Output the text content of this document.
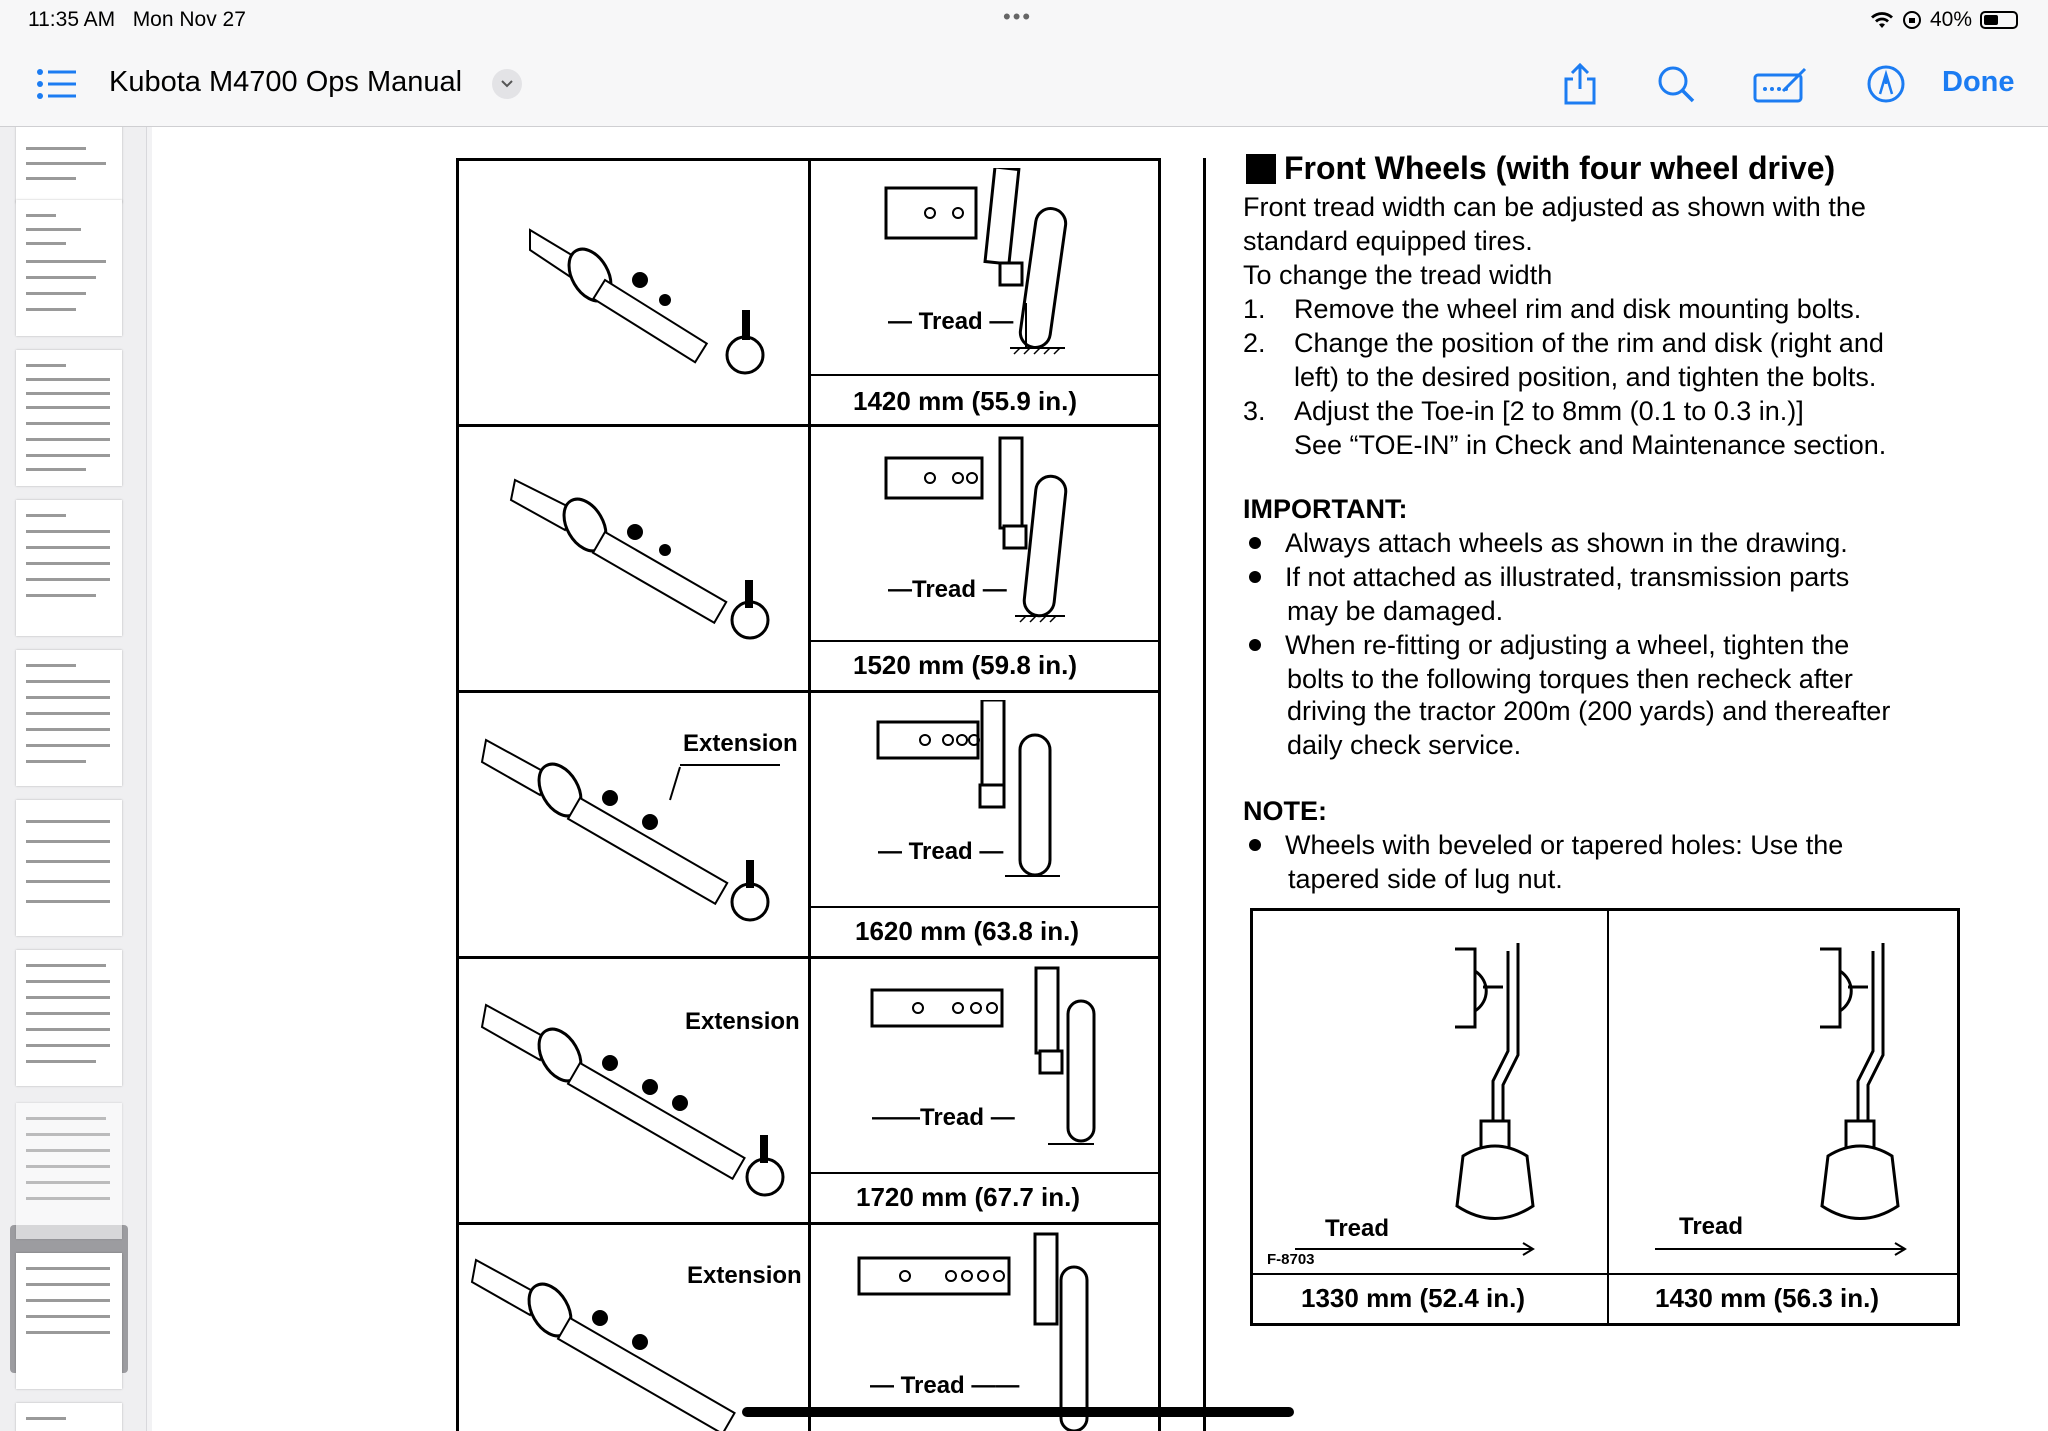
11:35 AM Mon Nov 27	•••	40%
Kubota M4700 Ops Manual	Done
— Tread —
1420 mm (55.9 in.)
—Tread —
1520 mm (59.8 in.)
Extension
— Tread —
1620 mm (63.8 in.)
Extension
——Tread —
1720 mm (67.7 in.)
Extension
— Tread ——
Front Wheels (with four wheel drive)
Front tread width can be adjusted as shown with the
standard equipped tires.
To change the tread width
1. Remove the wheel rim and disk mounting bolts.
2. Change the position of the rim and disk (right and
left) to the desired position, and tighten the bolts.
3. Adjust the Toe-in [2 to 8mm (0.1 to 0.3 in.)]
See “TOE-IN” in Check and Maintenance section.
IMPORTANT:
Always attach wheels as shown in the drawing.
If not attached as illustrated, transmission parts
may be damaged.
When re-fitting or adjusting a wheel, tighten the
bolts to the following torques then recheck after
driving the tractor 200m (200 yards) and thereafter
daily check service.
NOTE:
Wheels with beveled or tapered holes: Use the
tapered side of lug nut.
Tread	Tread
F-8703
1330 mm (52.4 in.)	1430 mm (56.3 in.)
